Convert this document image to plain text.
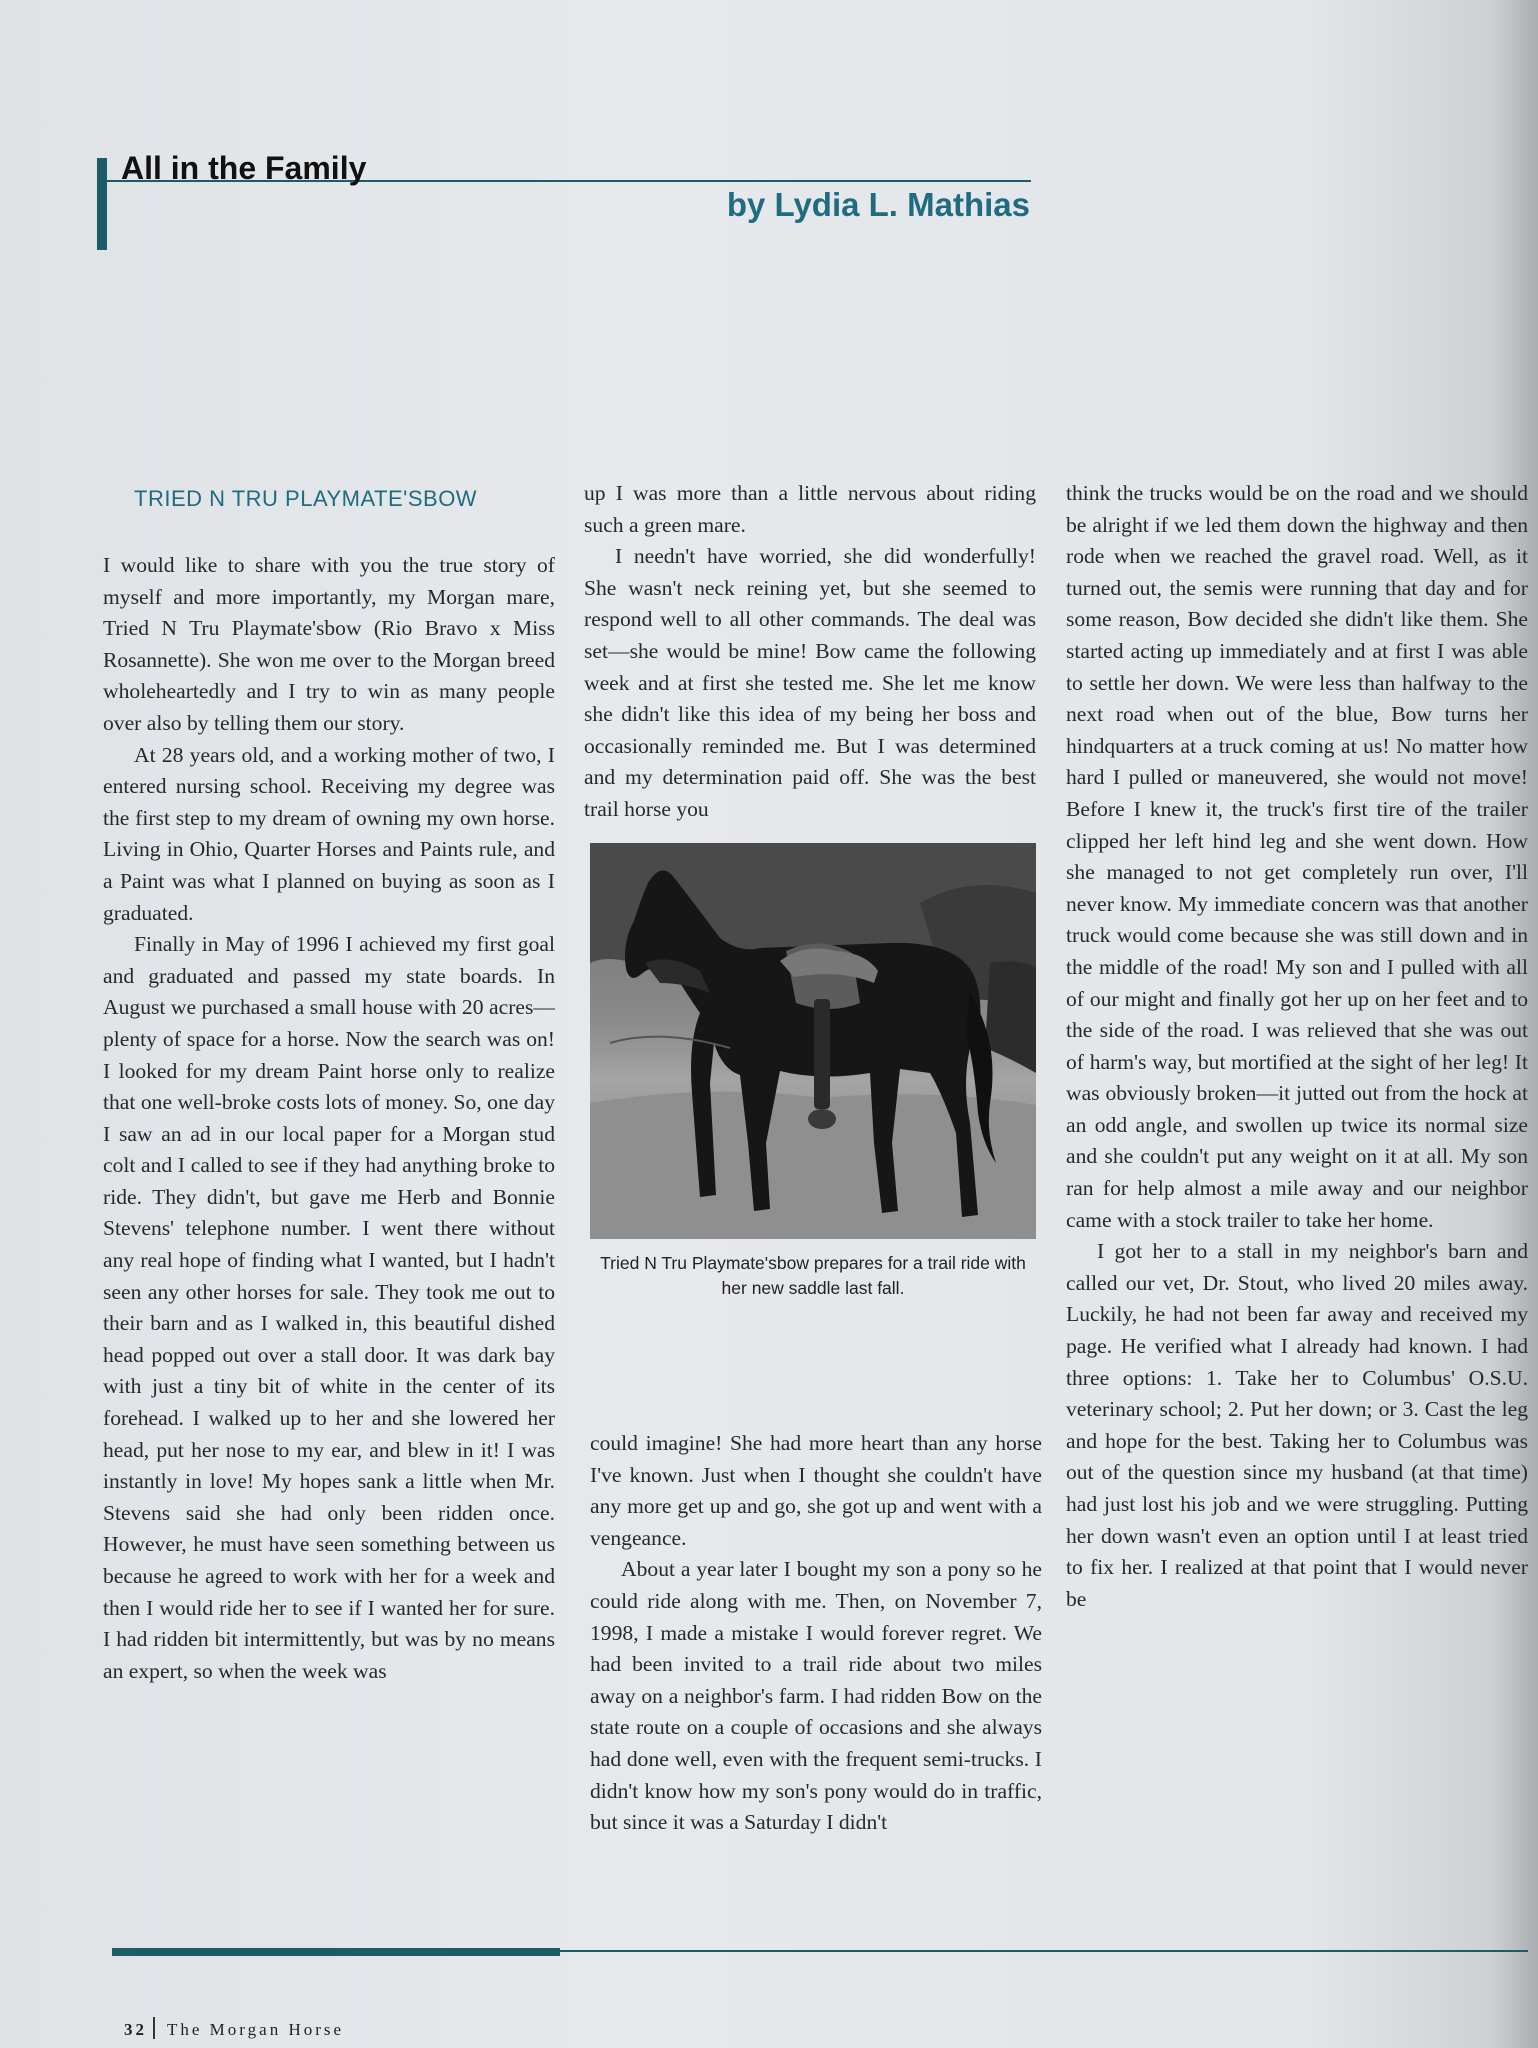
All in the Family
by Lydia L. Mathias
TRIED N TRU PLAYMATE'SBOW

I would like to share with you the true story of myself and more importantly, my Morgan mare, Tried N Tru Playmate'sbow (Rio Bravo x Miss Rosannette). She won me over to the Morgan breed wholeheartedly and I try to win as many people over also by telling them our story.

At 28 years old, and a working mother of two, I entered nursing school. Receiving my degree was the first step to my dream of owning my own horse. Living in Ohio, Quarter Horses and Paints rule, and a Paint was what I planned on buying as soon as I graduated.

Finally in May of 1996 I achieved my first goal and graduated and passed my state boards. In August we purchased a small house with 20 acres—plenty of space for a horse. Now the search was on! I looked for my dream Paint horse only to realize that one well-broke costs lots of money. So, one day I saw an ad in our local paper for a Morgan stud colt and I called to see if they had anything broke to ride. They didn't, but gave me Herb and Bonnie Stevens' telephone number. I went there without any real hope of finding what I wanted, but I hadn't seen any other horses for sale. They took me out to their barn and as I walked in, this beautiful dished head popped out over a stall door. It was dark bay with just a tiny bit of white in the center of its forehead. I walked up to her and she lowered her head, put her nose to my ear, and blew in it! I was instantly in love! My hopes sank a little when Mr. Stevens said she had only been ridden once. However, he must have seen something between us because he agreed to work with her for a week and then I would ride her to see if I wanted her for sure. I had ridden bit intermittently, but was by no means an expert, so when the week was

up I was more than a little nervous about riding such a green mare.

I needn't have worried, she did wonderfully! She wasn't neck reining yet, but she seemed to respond well to all other commands. The deal was set—she would be mine! Bow came the following week and at first she tested me. She let me know she didn't like this idea of my being her boss and occasionally reminded me. But I was determined and my determination paid off. She was the best trail horse you

Tried N Tru Playmate'sbow prepares for a trail ride with her new saddle last fall.

could imagine! She had more heart than any horse I've known. Just when I thought she couldn't have any more get up and go, she got up and went with a vengeance.

About a year later I bought my son a pony so he could ride along with me. Then, on November 7, 1998, I made a mistake I would forever regret. We had been invited to a trail ride about two miles away on a neighbor's farm. I had ridden Bow on the state route on a couple of occasions and she always had done well, even with the frequent semi-trucks. I didn't know how my son's pony would do in traffic, but since it was a Saturday I didn't

think the trucks would be on the road and we should be alright if we led them down the highway and then rode when we reached the gravel road. Well, as it turned out, the semis were running that day and for some reason, Bow decided she didn't like them. She started acting up immediately and at first I was able to settle her down. We were less than halfway to the next road when out of the blue, Bow turns her hindquarters at a truck coming at us! No matter how hard I pulled or maneuvered, she would not move! Before I knew it, the truck's first tire of the trailer clipped her left hind leg and she went down. How she managed to not get completely run over, I'll never know. My immediate concern was that another truck would come because she was still down and in the middle of the road! My son and I pulled with all of our might and finally got her up on her feet and to the side of the road. I was relieved that she was out of harm's way, but mortified at the sight of her leg! It was obviously broken—it jutted out from the hock at an odd angle, and swollen up twice its normal size and she couldn't put any weight on it at all. My son ran for help almost a mile away and our neighbor came with a stock trailer to take her home.

I got her to a stall in my neighbor's barn and called our vet, Dr. Stout, who lived 20 miles away. Luckily, he had not been far away and received my page. He verified what I already had known. I had three options: 1. Take her to Columbus' O.S.U. veterinary school; 2. Put her down; or 3. Cast the leg and hope for the best. Taking her to Columbus was out of the question since my husband (at that time) had just lost his job and we were struggling. Putting her down wasn't even an option until I at least tried to fix her. I realized at that point that I would never be

32 The Morgan Horse
